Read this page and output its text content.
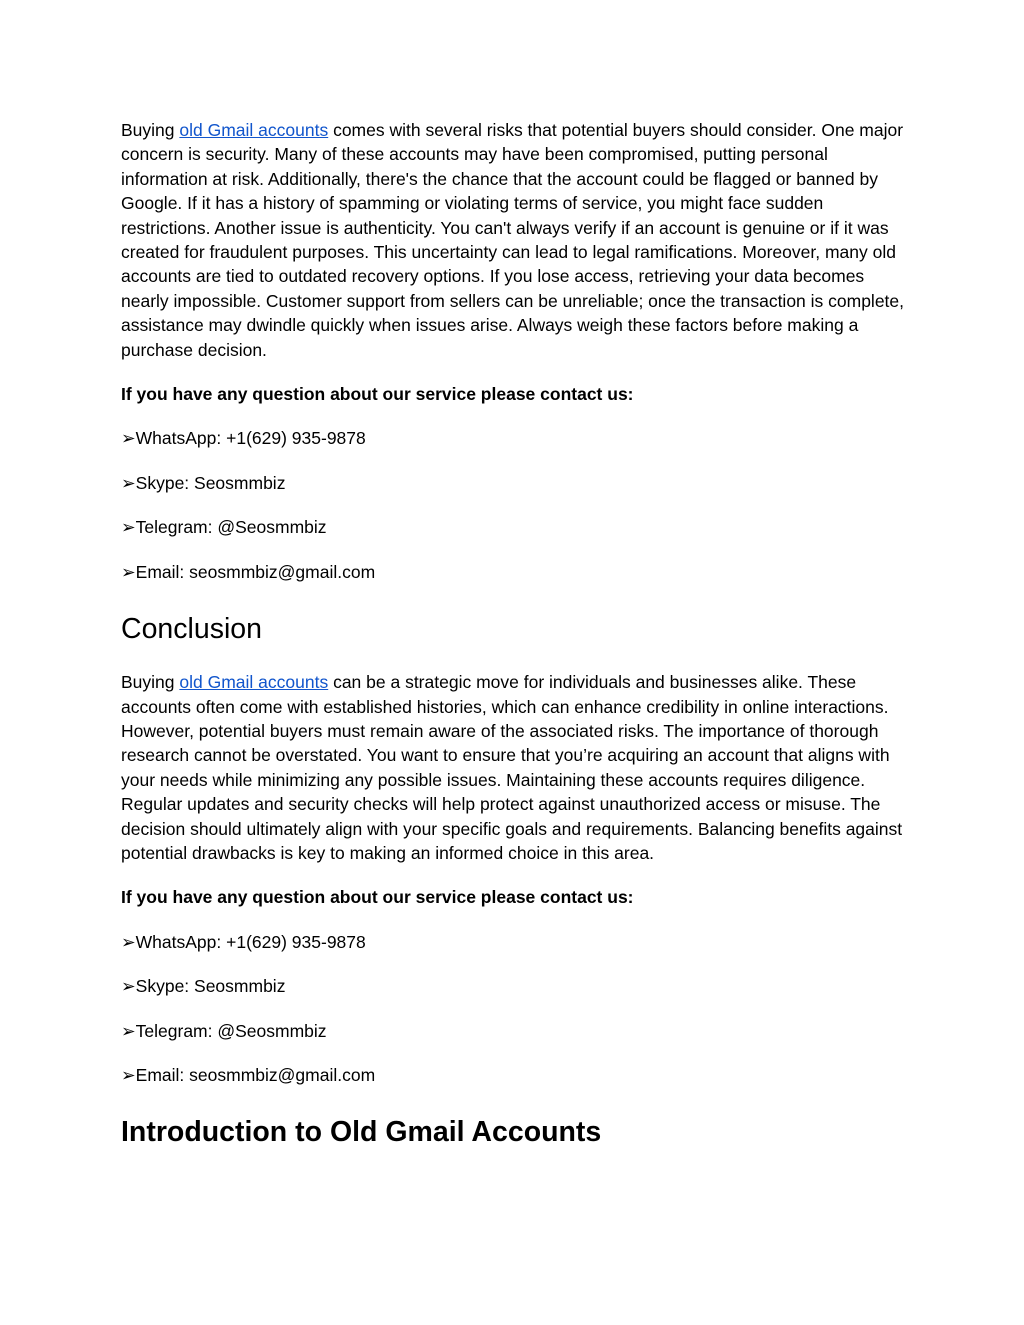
Buying old Gmail accounts comes with several risks that potential buyers should consider. One major concern is security. Many of these accounts may have been compromised, putting personal information at risk. Additionally, there's the chance that the account could be flagged or banned by Google. If it has a history of spamming or violating terms of service, you might face sudden restrictions. Another issue is authenticity. You can't always verify if an account is genuine or if it was created for fraudulent purposes. This uncertainty can lead to legal ramifications. Moreover, many old accounts are tied to outdated recovery options. If you lose access, retrieving your data becomes nearly impossible. Customer support from sellers can be unreliable; once the transaction is complete, assistance may dwindle quickly when issues arise. Always weigh these factors before making a purchase decision.

If you have any question about our service please contact us:

➢WhatsApp: +1(629) 935-9878

➢Skype: Seosmmbiz

➢Telegram: @Seosmmbiz

➢Email: seosmmbiz@gmail.com

Conclusion

Buying old Gmail accounts can be a strategic move for individuals and businesses alike. These accounts often come with established histories, which can enhance credibility in online interactions. However, potential buyers must remain aware of the associated risks. The importance of thorough research cannot be overstated. You want to ensure that you’re acquiring an account that aligns with your needs while minimizing any possible issues. Maintaining these accounts requires diligence. Regular updates and security checks will help protect against unauthorized access or misuse. The decision should ultimately align with your specific goals and requirements. Balancing benefits against potential drawbacks is key to making an informed choice in this area.

If you have any question about our service please contact us:

➢WhatsApp: +1(629) 935-9878

➢Skype: Seosmmbiz

➢Telegram: @Seosmmbiz

➢Email: seosmmbiz@gmail.com

Introduction to Old Gmail Accounts
